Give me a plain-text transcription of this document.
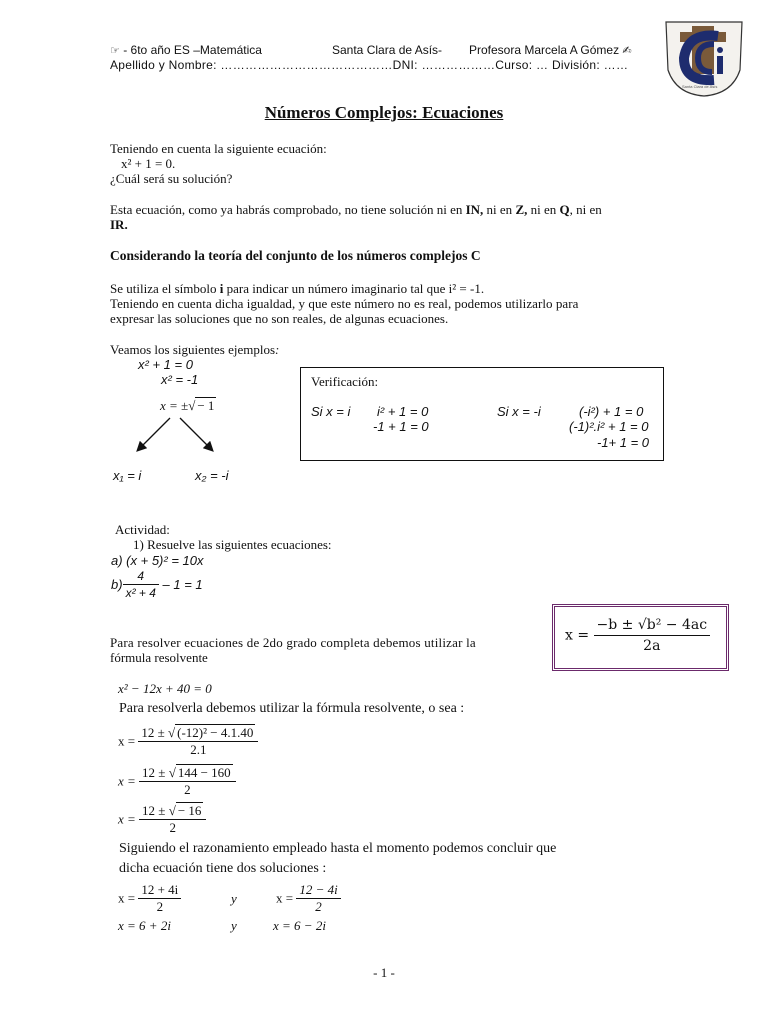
☞ - 6to año ES –Matemática	Santa Clara de Asís- Profesora Marcela A Gómez ✍
Apellido y Nombre: ……………………………………DNI: ………………Curso: … División: ……
Santa Clara de Asís
Números Complejos: Ecuaciones
Teniendo en cuenta la siguiente ecuación:
x² + 1 = 0.
¿Cuál será su solución?
Esta ecuación, como ya habrás comprobado, no tiene solución ni en IN, ni en Z, ni en Q, ni en
IR.
Considerando la teoría del conjunto de los números complejos C
Se utiliza el símbolo i para indicar un número imaginario tal que i² = -1.
Teniendo en cuenta dicha igualdad, y que este número no es real, podemos utilizarlo para
expresar las soluciones que no son reales, de algunas ecuaciones.
Veamos los siguientes ejemplos:
x² + 1 = 0
x² = -1
x = ±√ − 1
x₁ = i	x₂ = -i
Verificación:
Si x = i i² + 1 = 0
-1 + 1 = 0
Si x = -i	(-i²) + 1 = 0
(-1)².i² + 1 = 0
-1+ 1 = 0
Actividad:
1) Resuelve las siguientes ecuaciones:
a) (x + 5)² = 10x
$b) \frac{4}{\text{x² + 4}} - 1 = 1$
$x = \frac{\text{−b ± √b² − 4ac}}{2a}$
Para resolver ecuaciones de 2do grado completa debemos utilizar la
fórmula resolvente
x² − 12x + 40 = 0
Para resolverla debemos utilizar la fórmula resolvente, o sea :
$x = \frac{\text{12 ± √ (-12)² − 4.1.40}}{2.1}$
$x = \frac{12 \pm √ 144 - 160}{2}$
$x = \frac{12 \pm √ - 16}{2}$
Siguiendo el razonamiento empleado hasta el momento podemos concluir que
dicha ecuación tiene dos soluciones :
$x = \frac{12 + 4i}{2}$	y	$x = \frac{12 - 4i}{2}$
x = 6 + 2i	y	x = 6 − 2i
- 1 -
